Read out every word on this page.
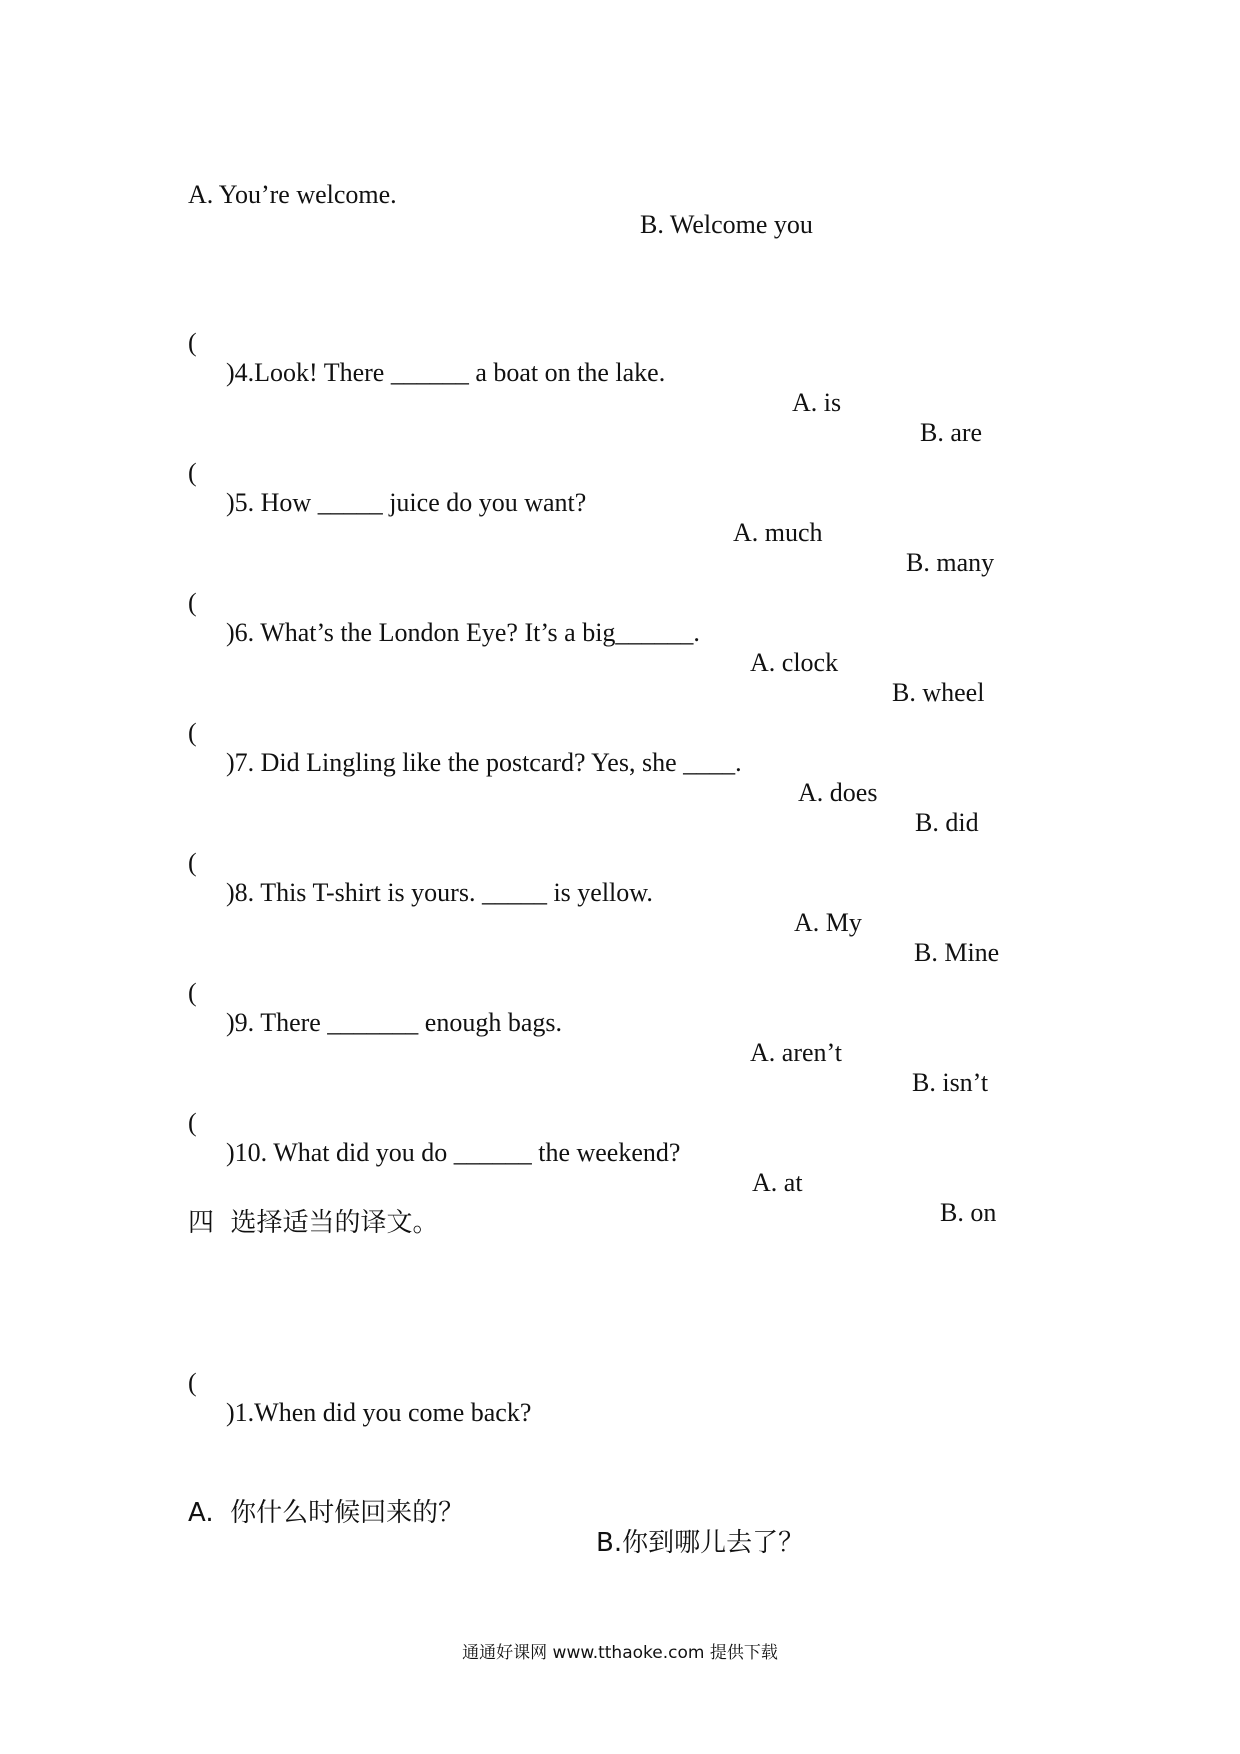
A. You’re welcome.

B. Welcome you

(

)4.Look! There ______ a boat on the lake.

A. is

B. are

(

)5. How _____ juice do you want?

A. much

B. many

(

)6. What’s the London Eye? It’s a big______.

A. clock

B. wheel

(

)7. Did Lingling like the postcard? Yes, she ____.

A. does

B. did

(

)8. This T-shirt is yours. _____ is yellow.

A. My

B. Mine

(

)9. There _______ enough bags.

A. aren’t

B. isn’t

(

)10. What did you do ______ the weekend?

A. at

B. on

四  选择适当的译文。

(

)1.When did you come back?

A.  你什么时候回来的？

B.你到哪儿去了？

通通好课网 www.tthaoke.com 提供下载
